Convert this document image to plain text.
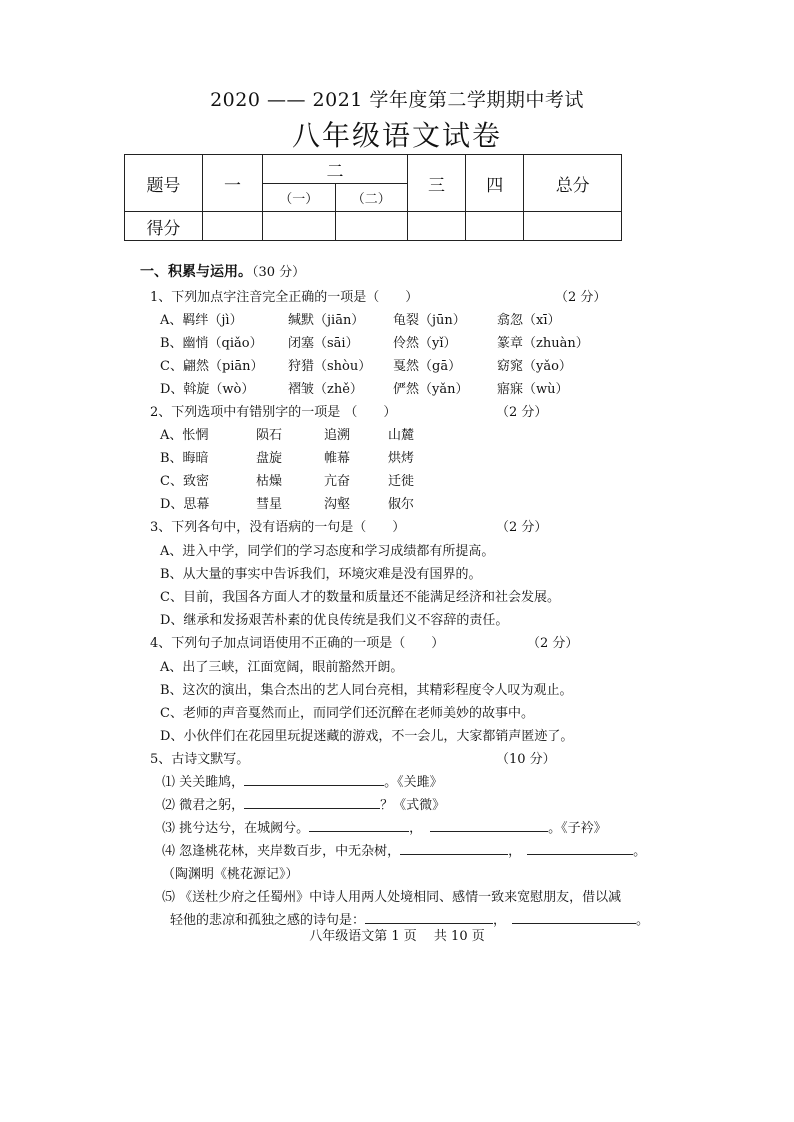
2020 —— 2021 学年度第二学期期中考试
八年级语文试卷
题号	一	二		三	四	总分
		（一）	（二）			
得分						
一、积累与运用。（30 分）
1、下列加点字注音完全正确的一项是（　　）	（2 分）
A、羁绊（jì）	缄默（jiān） 龟裂（jūn） 翕忽（xī）
B、幽悄（qiǎo） 闭塞（sāi）	伶然（yǐ）	篆章（zhuàn）
C、翩然（piān） 狩猎（shòu） 戛然（gā）	窈窕（yǎo）
D、斡旋（wò）	褶皱（zhě） 俨然（yǎn） 寤寐（wù）
2、下列选项中有错别字的一项是 （　　）	（2 分）
A、怅惘	陨石	追溯	山麓
B、晦暗	盘旋	帷幕	烘烤
C、致密	枯燥	亢奋	迁徙
D、思幕	彗星	沟壑	俶尔
3、下列各句中，没有语病的一句是（　　）	（2 分）
A、进入中学，同学们的学习态度和学习成绩都有所提高。
B、从大量的事实中告诉我们，环境灾难是没有国界的。
C、目前，我国各方面人才的数量和质量还不能满足经济和社会发展。
D、继承和发扬艰苦朴素的优良传统是我们义不容辞的责任。
4、下列句子加点词语使用不正确的一项是（　　）	（2 分）
A、出了三峡，江面宽阔，眼前豁然开朗。
B、这次的演出，集合杰出的艺人同台亮相，其精彩程度令人叹为观止。
C、老师的声音戛然而止，而同学们还沉醉在老师美妙的故事中。
D、小伙伴们在花园里玩捉迷藏的游戏，不一会儿，大家都销声匿迹了。
5、古诗文默写。	（10 分）
⑴ 关关雎鸠，	。《关雎》
⑵ 微君之躬，	？《式微》
⑶ 挑兮达兮，在城阙兮。	，	。《子衿》
⑷ 忽逢桃花林，夹岸数百步，中无杂树，	，	。
（陶渊明《桃花源记》）
⑸ 《送杜少府之任蜀州》中诗人用两人处境相同、感情一致来宽慰朋友，借以减
轻他的悲凉和孤独之感的诗句是：	，	。
八年级语文第 1 页　 共 10 页
